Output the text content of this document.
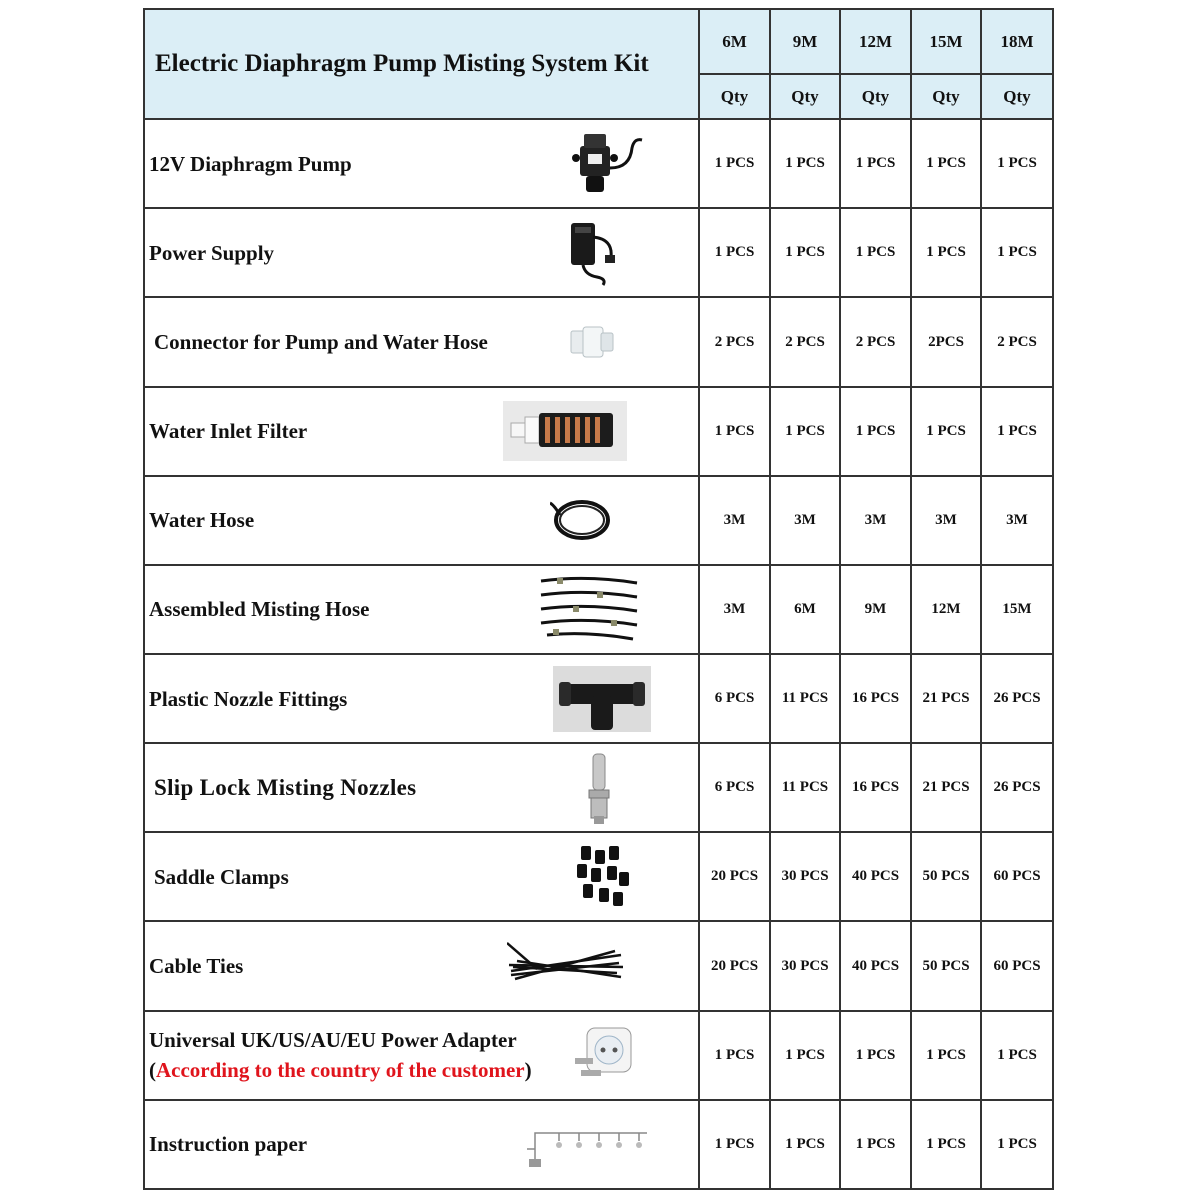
Electric Diaphragm Pump Misting System Kit	6M	9M	12M	15M	18M
	Qty	Qty	Qty	Qty	Qty

12V Diaphragm Pump	1 PCS	1 PCS	1 PCS	1 PCS	1 PCS

Power Supply	1 PCS	1 PCS	1 PCS	1 PCS	1 PCS

Connector for Pump and Water Hose	2 PCS	2 PCS	2 PCS	2PCS	2 PCS

Water Inlet Filter	1 PCS	1 PCS	1 PCS	1 PCS	1 PCS

Water Hose	3M	3M	3M	3M	3M

Assembled Misting Hose	3M	6M	9M	12M	15M

Plastic Nozzle Fittings	6 PCS	11 PCS	16 PCS	21 PCS	26 PCS

Slip Lock Misting Nozzles	6 PCS	11 PCS	16 PCS	21 PCS	26 PCS

Saddle Clamps	20 PCS	30 PCS	40 PCS	50 PCS	60 PCS

Cable Ties	20 PCS	30 PCS	40 PCS	50 PCS	60 PCS

Universal UK/US/AU/EU Power Adapter
(According to the country of the customer)	1 PCS	1 PCS	1 PCS	1 PCS	1 PCS

Instruction paper	1 PCS	1 PCS	1 PCS	1 PCS	1 PCS
